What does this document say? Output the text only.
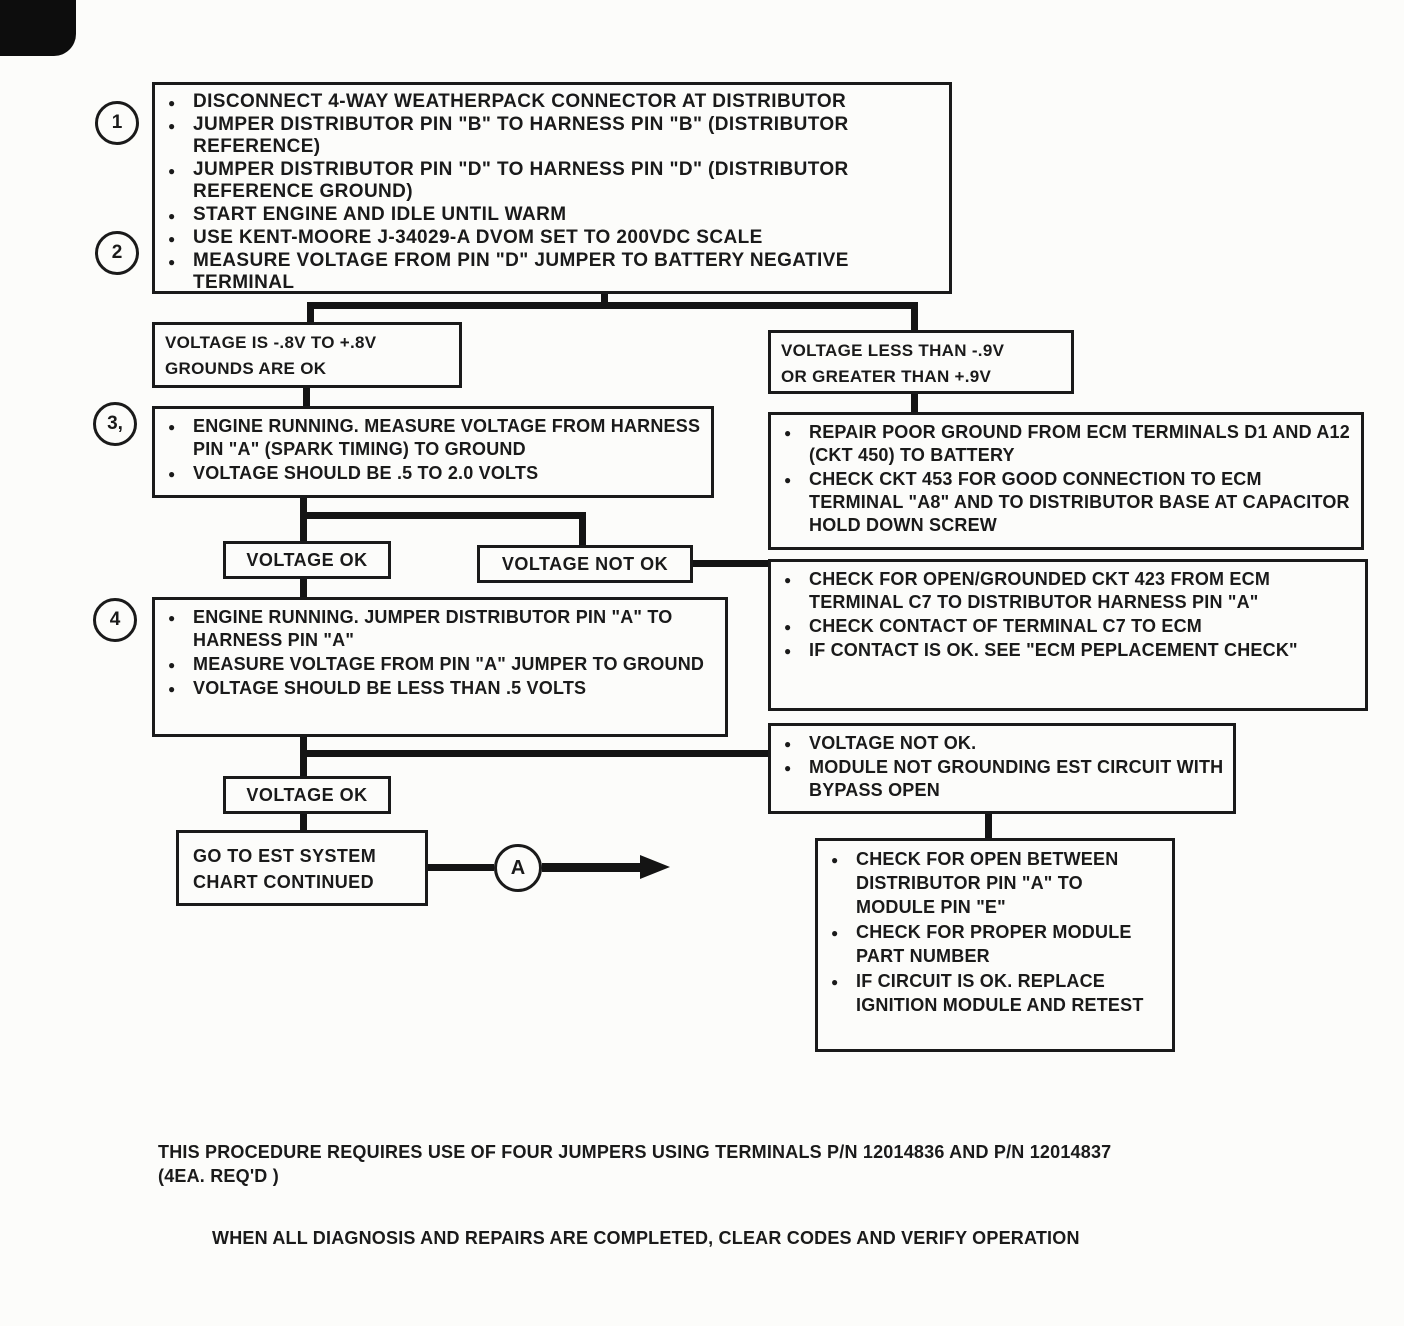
1
2
3,
4
● DISCONNECT 4-WAY WEATHERPACK CONNECTOR AT DISTRIBUTOR
● JUMPER DISTRIBUTOR PIN "B" TO HARNESS PIN "B" (DISTRIBUTOR REFERENCE)
● JUMPER DISTRIBUTOR PIN "D" TO HARNESS PIN "D" (DISTRIBUTOR REFERENCE GROUND)
● START ENGINE AND IDLE UNTIL WARM
● USE KENT-MOORE J-34029-A DVOM SET TO 200VDC SCALE
● MEASURE VOLTAGE FROM PIN "D" JUMPER TO BATTERY NEGATIVE TERMINAL
VOLTAGE IS -.8V TO +.8V
GROUNDS ARE OK
VOLTAGE LESS THAN -.9V
OR GREATER THAN +.9V
● ENGINE RUNNING. MEASURE VOLTAGE FROM HARNESS PIN "A" (SPARK TIMING) TO GROUND
● VOLTAGE SHOULD BE .5 TO 2.0 VOLTS
● REPAIR POOR GROUND FROM ECM TERMINALS D1 AND A12 (CKT 450) TO BATTERY
● CHECK CKT 453 FOR GOOD CONNECTION TO ECM TERMINAL "A8" AND TO DISTRIBUTOR BASE AT CAPACITOR HOLD DOWN SCREW
VOLTAGE OK	VOLTAGE NOT OK
● CHECK FOR OPEN/GROUNDED CKT 423 FROM ECM TERMINAL C7 TO DISTRIBUTOR HARNESS PIN "A"
● CHECK CONTACT OF TERMINAL C7 TO ECM
● IF CONTACT IS OK. SEE "ECM PEPLACEMENT CHECK"
● ENGINE RUNNING. JUMPER DISTRIBUTOR PIN "A" TO HARNESS PIN "A"
● MEASURE VOLTAGE FROM PIN "A" JUMPER TO GROUND
● VOLTAGE SHOULD BE LESS THAN .5 VOLTS
● VOLTAGE NOT OK.
● MODULE NOT GROUNDING EST CIRCUIT WITH BYPASS OPEN
VOLTAGE OK
GO TO EST SYSTEM
CHART CONTINUED
A	● CHECK FOR OPEN BETWEEN DISTRIBUTOR PIN "A" TO MODULE PIN "E"
● CHECK FOR PROPER MODULE PART NUMBER
● IF CIRCUIT IS OK. REPLACE IGNITION MODULE AND RETEST
THIS PROCEDURE REQUIRES USE OF FOUR JUMPERS USING TERMINALS P/N 12014836 AND P/N 12014837
(4EA. REQ'D )
WHEN ALL DIAGNOSIS AND REPAIRS ARE COMPLETED, CLEAR CODES AND VERIFY OPERATION
